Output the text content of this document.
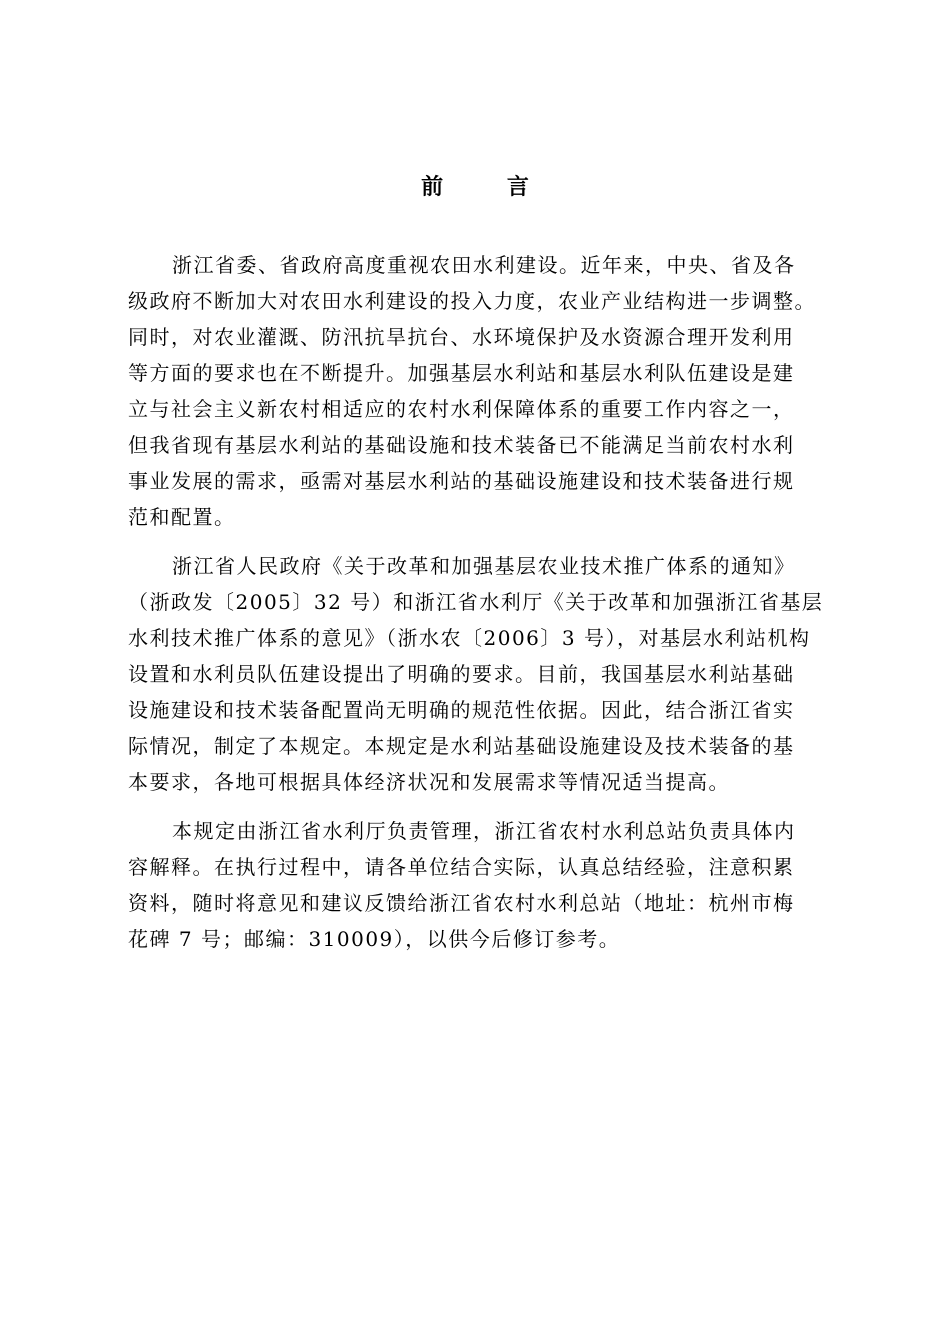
前 言

浙江省委、省政府高度重视农田水利建设。近年来，中央、省及各
级政府不断加大对农田水利建设的投入力度，农业产业结构进一步调整。
同时，对农业灌溉、防汛抗旱抗台、水环境保护及水资源合理开发利用
等方面的要求也在不断提升。加强基层水利站和基层水利队伍建设是建
立与社会主义新农村相适应的农村水利保障体系的重要工作内容之一，
但我省现有基层水利站的基础设施和技术装备已不能满足当前农村水利
事业发展的需求，亟需对基层水利站的基础设施建设和技术装备进行规
范和配置。

浙江省人民政府《关于改革和加强基层农业技术推广体系的通知》
（浙政发〔2005〕32 号）和浙江省水利厅《关于改革和加强浙江省基层
水利技术推广体系的意见》（浙水农〔2006〕3 号），对基层水利站机构
设置和水利员队伍建设提出了明确的要求。目前，我国基层水利站基础
设施建设和技术装备配置尚无明确的规范性依据。因此，结合浙江省实
际情况，制定了本规定。本规定是水利站基础设施建设及技术装备的基
本要求，各地可根据具体经济状况和发展需求等情况适当提高。

本规定由浙江省水利厅负责管理，浙江省农村水利总站负责具体内
容解释。在执行过程中，请各单位结合实际，认真总结经验，注意积累
资料，随时将意见和建议反馈给浙江省农村水利总站（地址：杭州市梅
花碑 7 号；邮编：310009），以供今后修订参考。
